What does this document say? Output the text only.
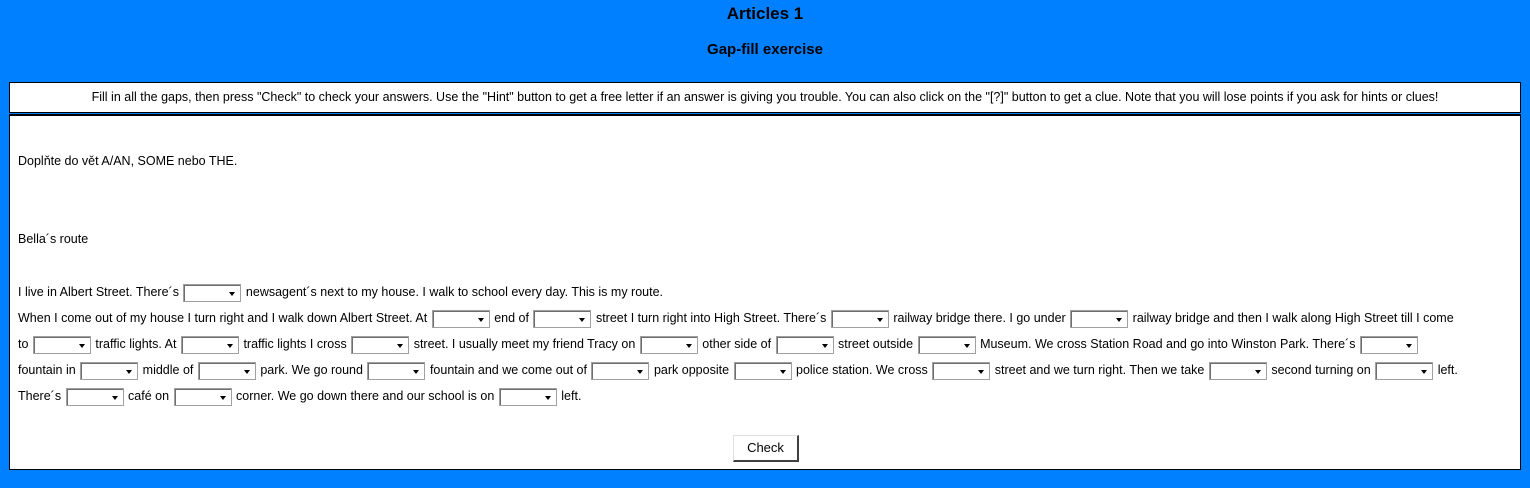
Articles 1
Gap-fill exercise
Fill in all the gaps, then press "Check" to check your answers. Use the "Hint" button to get a free letter if an answer is giving you trouble. You can also click on the "[?]" button to get a clue. Note that you will lose points if you ask for hints or clues!
Doplňte do vět A/AN, SOME nebo THE.
Bella´s route
I live in Albert Street. There´s	newsagent´s next to my house. I walk to school every day. This is my route.
When I come out of my house I turn right and I walk down Albert Street. At	end of	street I turn right into High Street. There´s	railway bridge there. I go under	railway bridge and then I walk along High Street till I come
to	traffic lights. At	traffic lights I cross	street. I usually meet my friend Tracy on	other side of	street outside	Museum. We cross Station Road and go into Winston Park. There´s
fountain in	middle of	park. We go round	fountain and we come out of	park opposite	police station. We cross	street and we turn right. Then we take	second turning on	left.
There´s	café on	corner. We go down there and our school is on	left.
Check
